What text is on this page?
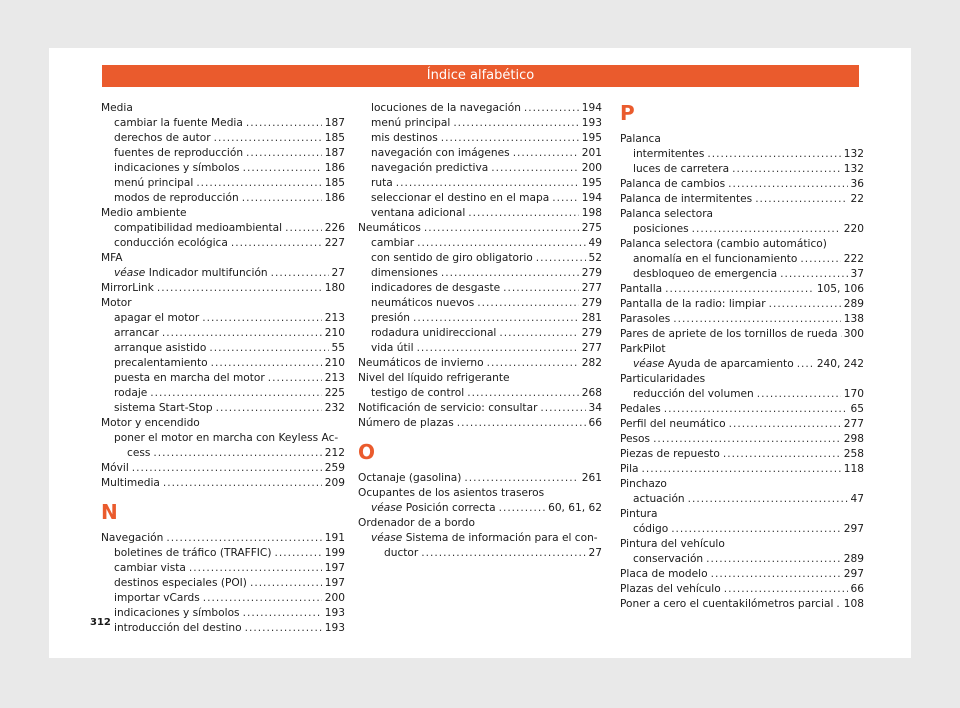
Índice alfabético
Media
cambiar la fuente Media .....	187
derechos de autor .....	185
fuentes de reproducción .....	187
indicaciones y símbolos .....	186
menú principal .....	185
modos de reproducción .....	186
Medio ambiente
compatibilidad medioambiental .....	226
conducción ecológica .....	227
MFA
véase Indicador multifunción .....	27
MirrorLink .....	180
Motor
apagar el motor .....	213
arrancar .....	210
arranque asistido .....	55
precalentamiento .....	210
puesta en marcha del motor .....	213
rodaje .....	225
sistema Start-Stop .....	232
Motor y encendido
poner el motor en marcha con Keyless Ac-
cess .....	212
Móvil .....	259
Multimedia .....	209
N
Navegación .....	191
boletines de tráfico (TRAFFIC) .....	199
cambiar vista .....	197
destinos especiales (POI) .....	197
importar vCards .....	200
indicaciones y símbolos .....	193
introducción del destino .....	193
locuciones de la navegación .....	194
menú principal .....	193
mis destinos .....	195
navegación con imágenes .....	201
navegación predictiva .....	200
ruta .....	195
seleccionar el destino en el mapa .....	194
ventana adicional .....	198
Neumáticos .....	275
cambiar .....	49
con sentido de giro obligatorio .....	52
dimensiones .....	279
indicadores de desgaste .....	277
neumáticos nuevos .....	279
presión .....	281
rodadura unidireccional .....	279
vida útil .....	277
Neumáticos de invierno .....	282
Nivel del líquido refrigerante
testigo de control .....	268
Notificación de servicio: consultar .....	34
Número de plazas .....	66
O
Octanaje (gasolina) .....	261
Ocupantes de los asientos traseros
véase Posición correcta .....	60, 61, 62
Ordenador de a bordo
véase Sistema de información para el con-
ductor .....	27
P
Palanca
intermitentes .....	132
luces de carretera .....	132
Palanca de cambios .....	36
Palanca de intermitentes .....	22
Palanca selectora
posiciones .....	220
Palanca selectora (cambio automático)
anomalía en el funcionamiento .....	222
desbloqueo de emergencia .....	37
Pantalla .....	105, 106
Pantalla de la radio: limpiar .....	289
Parasoles .....	138
Pares de apriete de los tornillos de rueda ..... 300
ParkPilot
véase Ayuda de aparcamiento ..... 240, 242
Particularidades
reducción del volumen .....	170
Pedales .....	65
Perfil del neumático .....	277
Pesos .....	298
Piezas de repuesto .....	258
Pila .....	118
Pinchazo
actuación .....	47
Pintura
código .....	297
Pintura del vehículo
conservación .....	289
Placa de modelo .....	297
Plazas del vehículo .....	66
Poner a cero el cuentakilómetros parcial ..... 108
312
